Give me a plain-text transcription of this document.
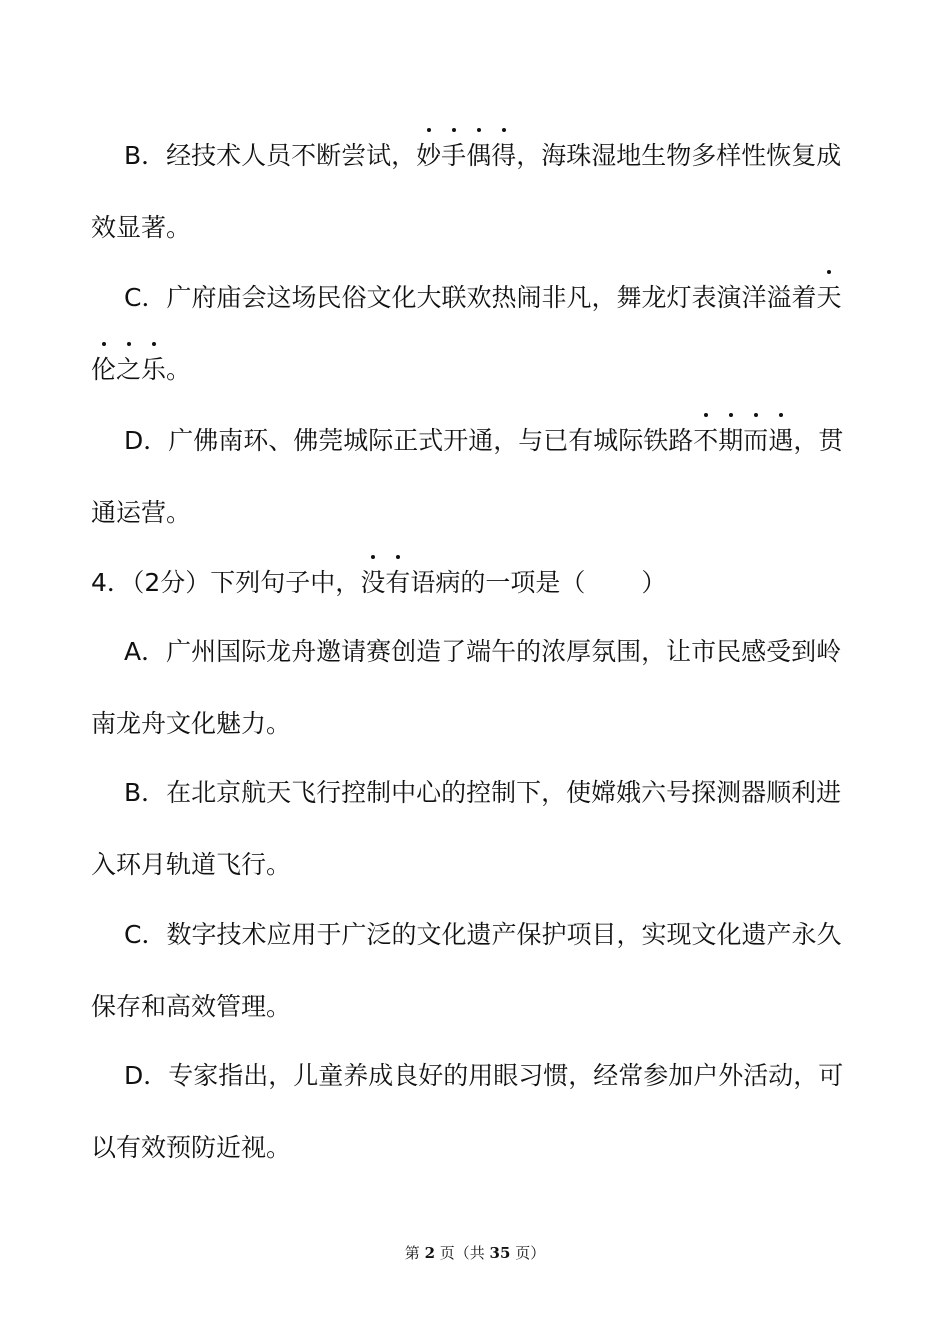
B．经技术人员不断尝试，妙手偶得，海珠湿地生物多样性恢复成
效显著。
C．广府庙会这场民俗文化大联欢热闹非凡，舞龙灯表演洋溢着天
伦之乐。
D．广佛南环、佛莞城际正式开通，与已有城际铁路不期而遇，贯
通运营。
4．（2分）下列句子中，没有语病的一项是（ ）
A．广州国际龙舟邀请赛创造了端午的浓厚氛围，让市民感受到岭
南龙舟文化魅力。
B．在北京航天飞行控制中心的控制下，使嫦娥六号探测器顺利进
入环月轨道飞行。
C．数字技术应用于广泛的文化遗产保护项目，实现文化遗产永久
保存和高效管理。
D．专家指出，儿童养成良好的用眼习惯，经常参加户外活动，可
以有效预防近视。
第 2 页（共 35 页）
